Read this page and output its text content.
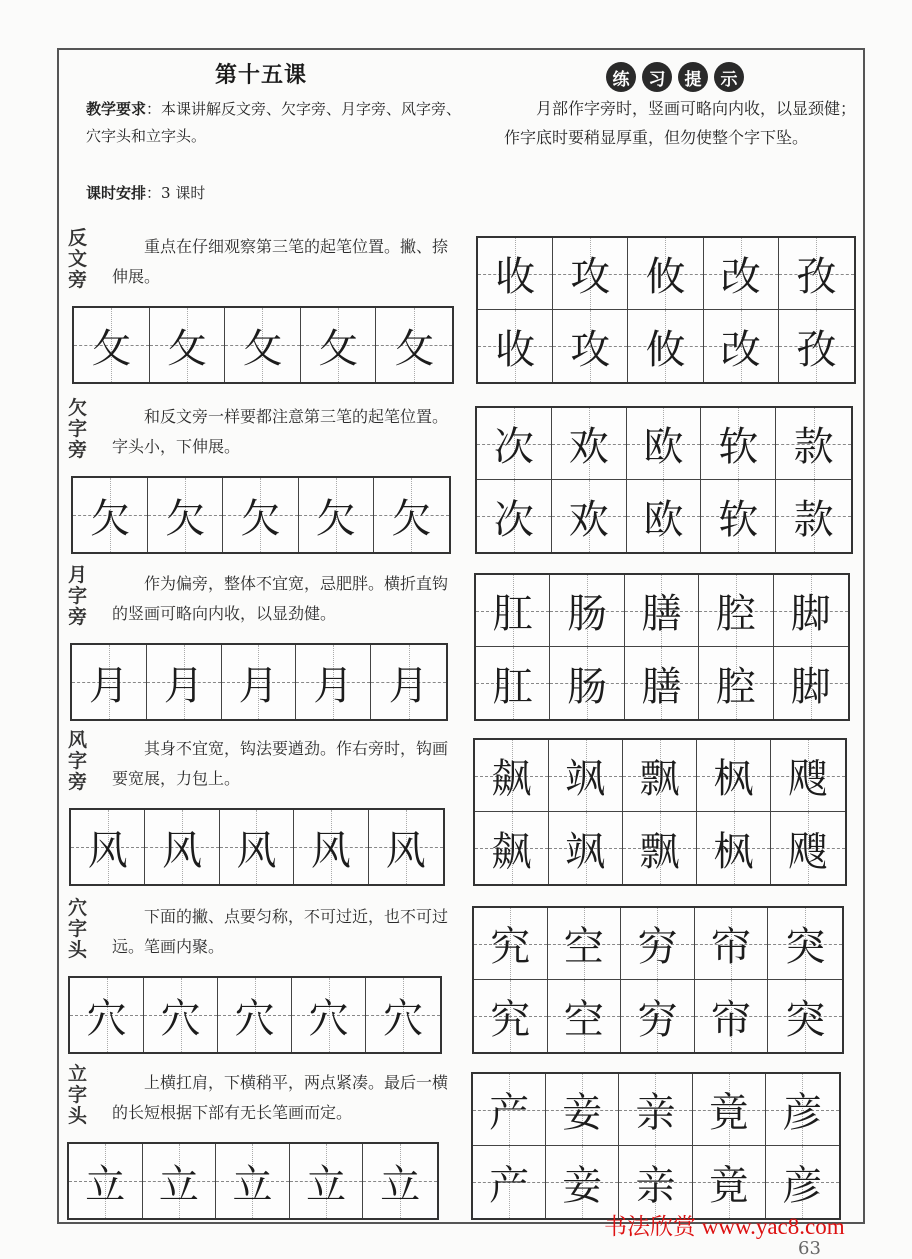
第十五课
教学要求：本课讲解反文旁、欠字旁、月字旁、风字旁、穴字头和立字头。
课时安排：3 课时
练	习	提	示
月部作字旁时，竖画可略向内收，以显颈健；作字底时要稍显厚重，但勿使整个字下坠。
反文旁
重点在仔细观察第三笔的起笔位置。撇、捺伸展。
攵 攵 攵 攵 攵
收 攻 攸 改 孜
收 攻 攸 改 孜
欠字旁
和反文旁一样要都注意第三笔的起笔位置。字头小，下伸展。
欠 欠 欠 欠 欠
次 欢 欧 软 款
次 欢 欧 软 款
月字旁
作为偏旁，整体不宜宽，忌肥胖。横折直钩的竖画可略向内收，以显劲健。
月 月 月 月 月
肛 肠 膳 腔 脚
肛 肠 膳 腔 脚
风字旁
其身不宜宽，钩法要遒劲。作右旁时，钩画要宽展，力包上。
风 风 风 风 风
飙 飒 飘 枫 飕
飙 飒 飘 枫 飕
穴字头
下面的撇、点要匀称，不可过近，也不可过远。笔画内聚。
穴 穴 穴 穴 穴
究 空 穷 帘 突
究 空 穷 帘 突
立字头
上横扛肩，下横稍平，两点紧凑。最后一横的长短根据下部有无长笔画而定。
立 立 立 立 立
产 妾 亲 竟 彦
产 妾 亲 竟 彦
书法欣赏 www.yac8.com
63
